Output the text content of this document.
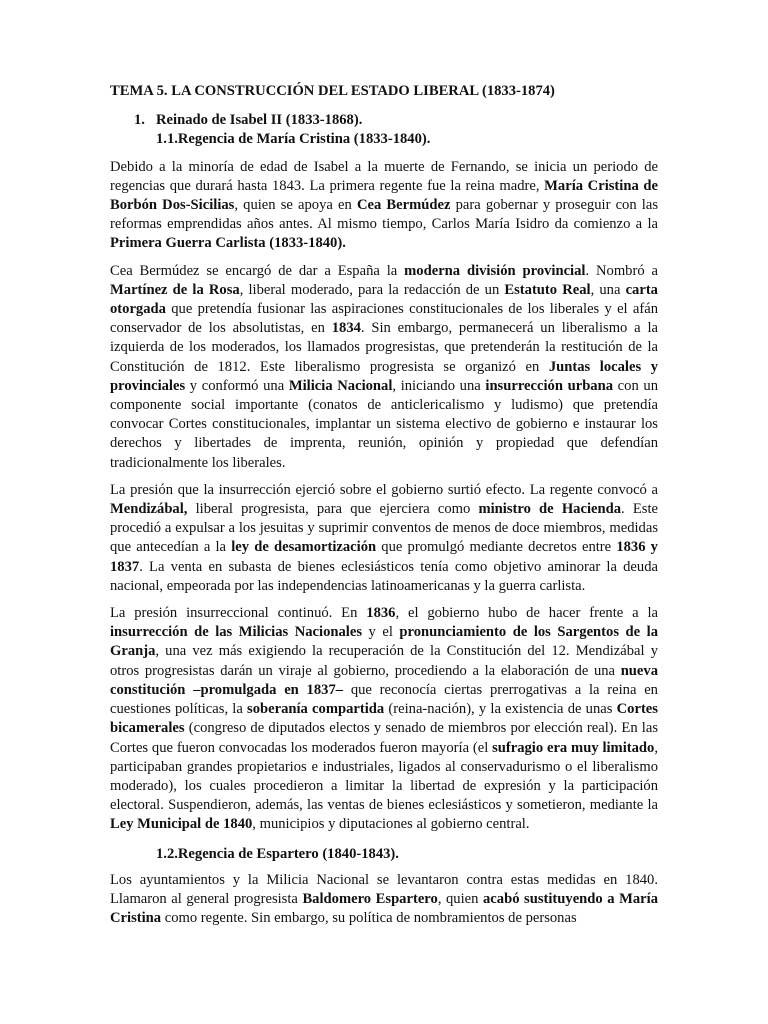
TEMA 5. LA CONSTRUCCIÓN DEL ESTADO LIBERAL (1833-1874)
1. Reinado de Isabel II (1833-1868).
1.1.Regencia de María Cristina (1833-1840).

Debido a la minoría de edad de Isabel a la muerte de Fernando, se inicia un periodo de regencias que durará hasta 1843. La primera regente fue la reina madre, María Cristina de Borbón Dos-Sicilias, quien se apoya en Cea Bermúdez para gobernar y proseguir con las reformas emprendidas años antes. Al mismo tiempo, Carlos María Isidro da comienzo a la Primera Guerra Carlista (1833-1840).

Cea Bermúdez se encargó de dar a España la moderna división provincial. Nombró a Martínez de la Rosa, liberal moderado, para la redacción de un Estatuto Real, una carta otorgada que pretendía fusionar las aspiraciones constitucionales de los liberales y el afán conservador de los absolutistas, en 1834. Sin embargo, permanecerá un liberalismo a la izquierda de los moderados, los llamados progresistas, que pretenderán la restitución de la Constitución de 1812. Este liberalismo progresista se organizó en Juntas locales y provinciales y conformó una Milicia Nacional, iniciando una insurrección urbana con un componente social importante (conatos de anticlericalismo y ludismo) que pretendía convocar Cortes constitucionales, implantar un sistema electivo de gobierno e instaurar los derechos y libertades de imprenta, reunión, opinión y propiedad que defendían tradicionalmente los liberales.

La presión que la insurrección ejerció sobre el gobierno surtió efecto. La regente convocó a Mendizábal, liberal progresista, para que ejerciera como ministro de Hacienda. Este procedió a expulsar a los jesuitas y suprimir conventos de menos de doce miembros, medidas que antecedían a la ley de desamortización que promulgó mediante decretos entre 1836 y 1837. La venta en subasta de bienes eclesiásticos tenía como objetivo aminorar la deuda nacional, empeorada por las independencias latinoamericanas y la guerra carlista.

La presión insurreccional continuó. En 1836, el gobierno hubo de hacer frente a la insurrección de las Milicias Nacionales y el pronunciamiento de los Sargentos de la Granja, una vez más exigiendo la recuperación de la Constitución del 12. Mendizábal y otros progresistas darán un viraje al gobierno, procediendo a la elaboración de una nueva constitución –promulgada en 1837– que reconocía ciertas prerrogativas a la reina en cuestiones políticas, la soberanía compartida (reina-nación), y la existencia de unas Cortes bicamerales (congreso de diputados electos y senado de miembros por elección real). En las Cortes que fueron convocadas los moderados fueron mayoría (el sufragio era muy limitado, participaban grandes propietarios e industriales, ligados al conservadurismo o el liberalismo moderado), los cuales procedieron a limitar la libertad de expresión y la participación electoral. Suspendieron, además, las ventas de bienes eclesiásticos y sometieron, mediante la Ley Municipal de 1840, municipios y diputaciones al gobierno central.

1.2.Regencia de Espartero (1840-1843).

Los ayuntamientos y la Milicia Nacional se levantaron contra estas medidas en 1840. Llamaron al general progresista Baldomero Espartero, quien acabó sustituyendo a María Cristina como regente. Sin embargo, su política de nombramientos de personas
